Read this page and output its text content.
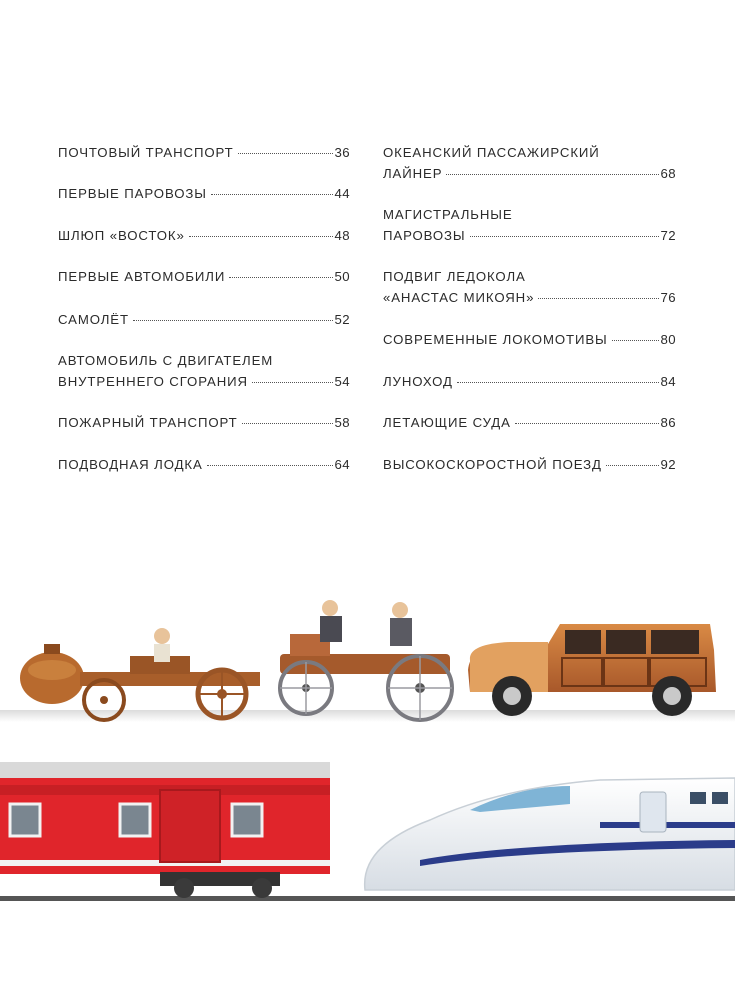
ПОЧТОВЫЙ ТРАНСПОРТ	36
ПЕРВЫЕ ПАРОВОЗЫ	44
ШЛЮП «ВОСТОК»	48
ПЕРВЫЕ АВТОМОБИЛИ	50
САМОЛЁТ	52
АВТОМОБИЛЬ С ДВИГАТЕЛЕМ
ВНУТРЕННЕГО СГОРАНИЯ	54
ПОЖАРНЫЙ ТРАНСПОРТ	58
ПОДВОДНАЯ ЛОДКА	64
ОКЕАНСКИЙ ПАССАЖИРСКИЙ
ЛАЙНЕР	68
МАГИСТРАЛЬНЫЕ
ПАРОВОЗЫ	72
ПОДВИГ ЛЕДОКОЛА
«АНАСТАС МИКОЯН»	76
СОВРЕМЕННЫЕ ЛОКОМОТИВЫ	80
ЛУНОХОД	84
ЛЕТАЮЩИЕ СУДА	86
ВЫСОКОСКОРОСТНОЙ ПОЕЗД	92
